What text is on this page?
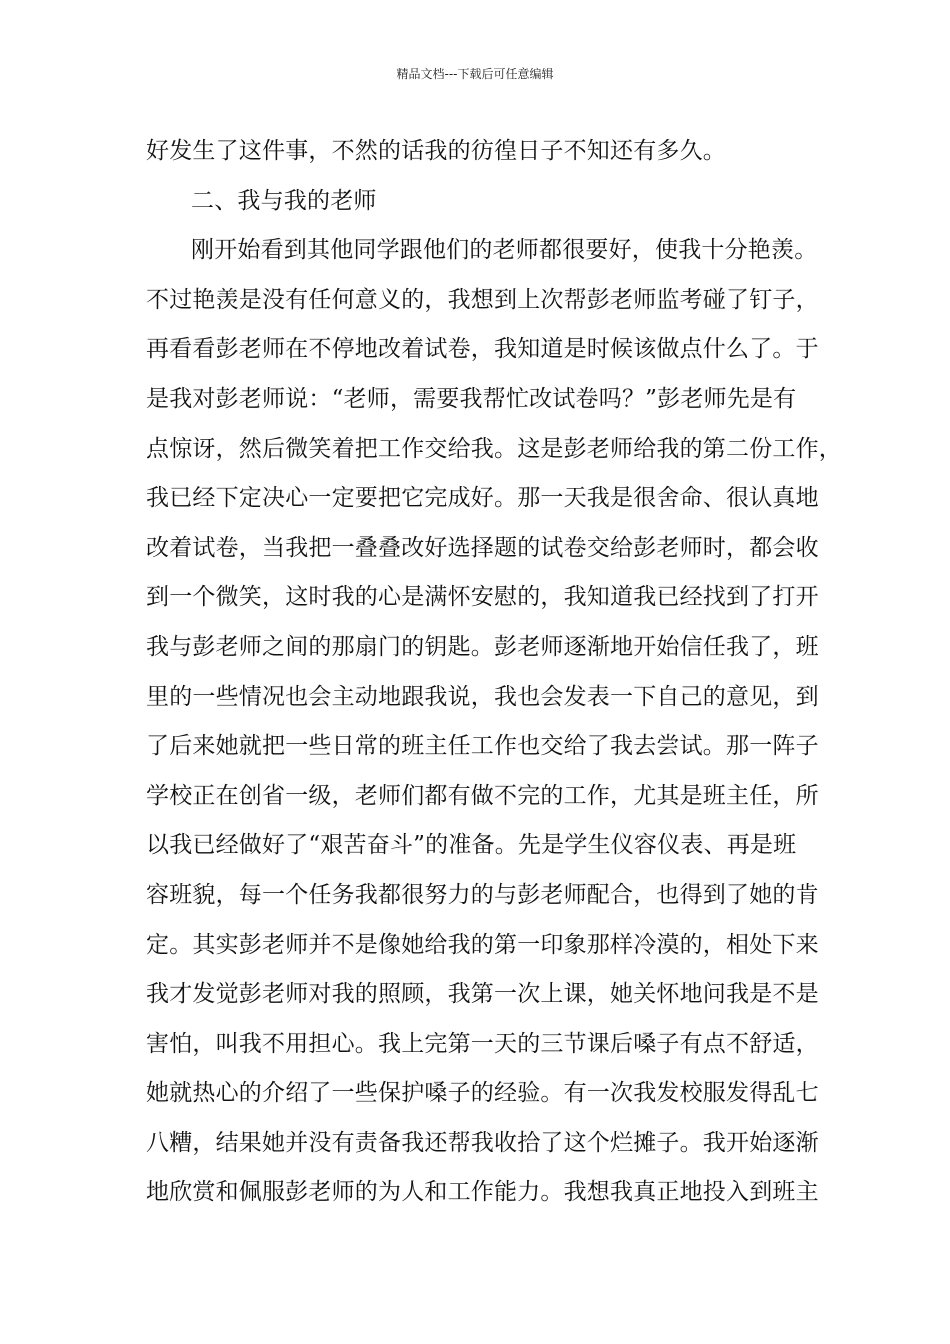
精品文档---下载后可任意编辑
好发生了这件事，不然的话我的彷徨日子不知还有多久。
二、我与我的老师
刚开始看到其他同学跟他们的老师都很要好，使我十分艳羡。
不过艳羡是没有任何意义的，我想到上次帮彭老师监考碰了钉子，
再看看彭老师在不停地改着试卷，我知道是时候该做点什么了。于
是我对彭老师说：“老师，需要我帮忙改试卷吗？”彭老师先是有
点惊讶，然后微笑着把工作交给我。这是彭老师给我的第二份工作，
我已经下定决心一定要把它完成好。那一天我是很舍命、很认真地
改着试卷，当我把一叠叠改好选择题的试卷交给彭老师时，都会收
到一个微笑，这时我的心是满怀安慰的，我知道我已经找到了打开
我与彭老师之间的那扇门的钥匙。彭老师逐渐地开始信任我了，班
里的一些情况也会主动地跟我说，我也会发表一下自己的意见，到
了后来她就把一些日常的班主任工作也交给了我去尝试。那一阵子
学校正在创省一级，老师们都有做不完的工作，尤其是班主任，所
以我已经做好了“艰苦奋斗”的准备。先是学生仪容仪表、再是班
容班貌，每一个任务我都很努力的与彭老师配合，也得到了她的肯
定。其实彭老师并不是像她给我的第一印象那样冷漠的，相处下来
我才发觉彭老师对我的照顾，我第一次上课，她关怀地问我是不是
害怕，叫我不用担心。我上完第一天的三节课后嗓子有点不舒适，
她就热心的介绍了一些保护嗓子的经验。有一次我发校服发得乱七
八糟，结果她并没有责备我还帮我收拾了这个烂摊子。我开始逐渐
地欣赏和佩服彭老师的为人和工作能力。我想我真正地投入到班主
